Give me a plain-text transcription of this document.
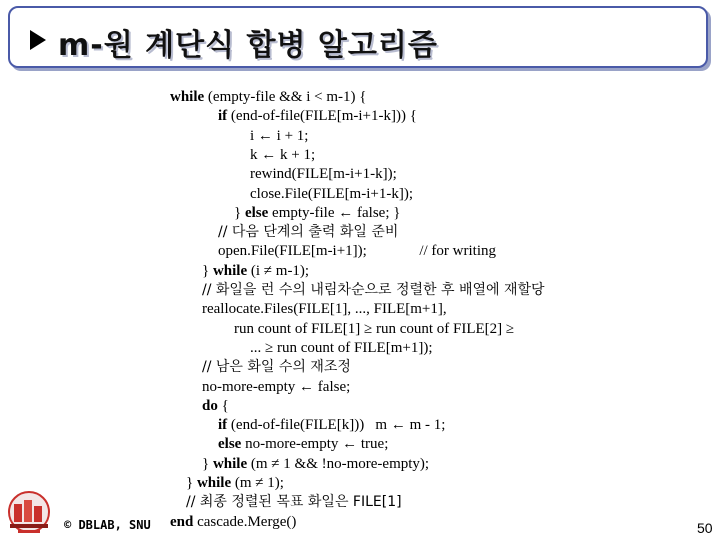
m-원 계단식 합병 알고리즘
while (empty-file && i < m-1) {
if (end-of-file(FILE[m-i+1-k])) {
i ← i + 1;
k ← k + 1;
rewind(FILE[m-i+1-k]);
close.File(FILE[m-i+1-k]);
} else empty-file ← false; }
// 다음 단계의 출력 화일 준비
open.File(FILE[m-i+1]);              // for writing
} while (i ≠ m-1);
// 화일을 런 수의 내림차순으로 정렬한 후 배열에 재할당
reallocate.Files(FILE[1], ..., FILE[m+1],
run count of FILE[1] ≥ run count of FILE[2] ≥
... ≥ run count of FILE[m+1]);
// 남은 화일 수의 재조정
no-more-empty ← false;
do {
if (end-of-file(FILE[k]))   m ← m - 1;
else no-more-empty ← true;
} while (m ≠ 1 && !no-more-empty);
} while (m ≠ 1);
// 최종 정렬된 목표 화일은 FILE[1]
end cascade.Merge()
© DBLAB, SNU	50
